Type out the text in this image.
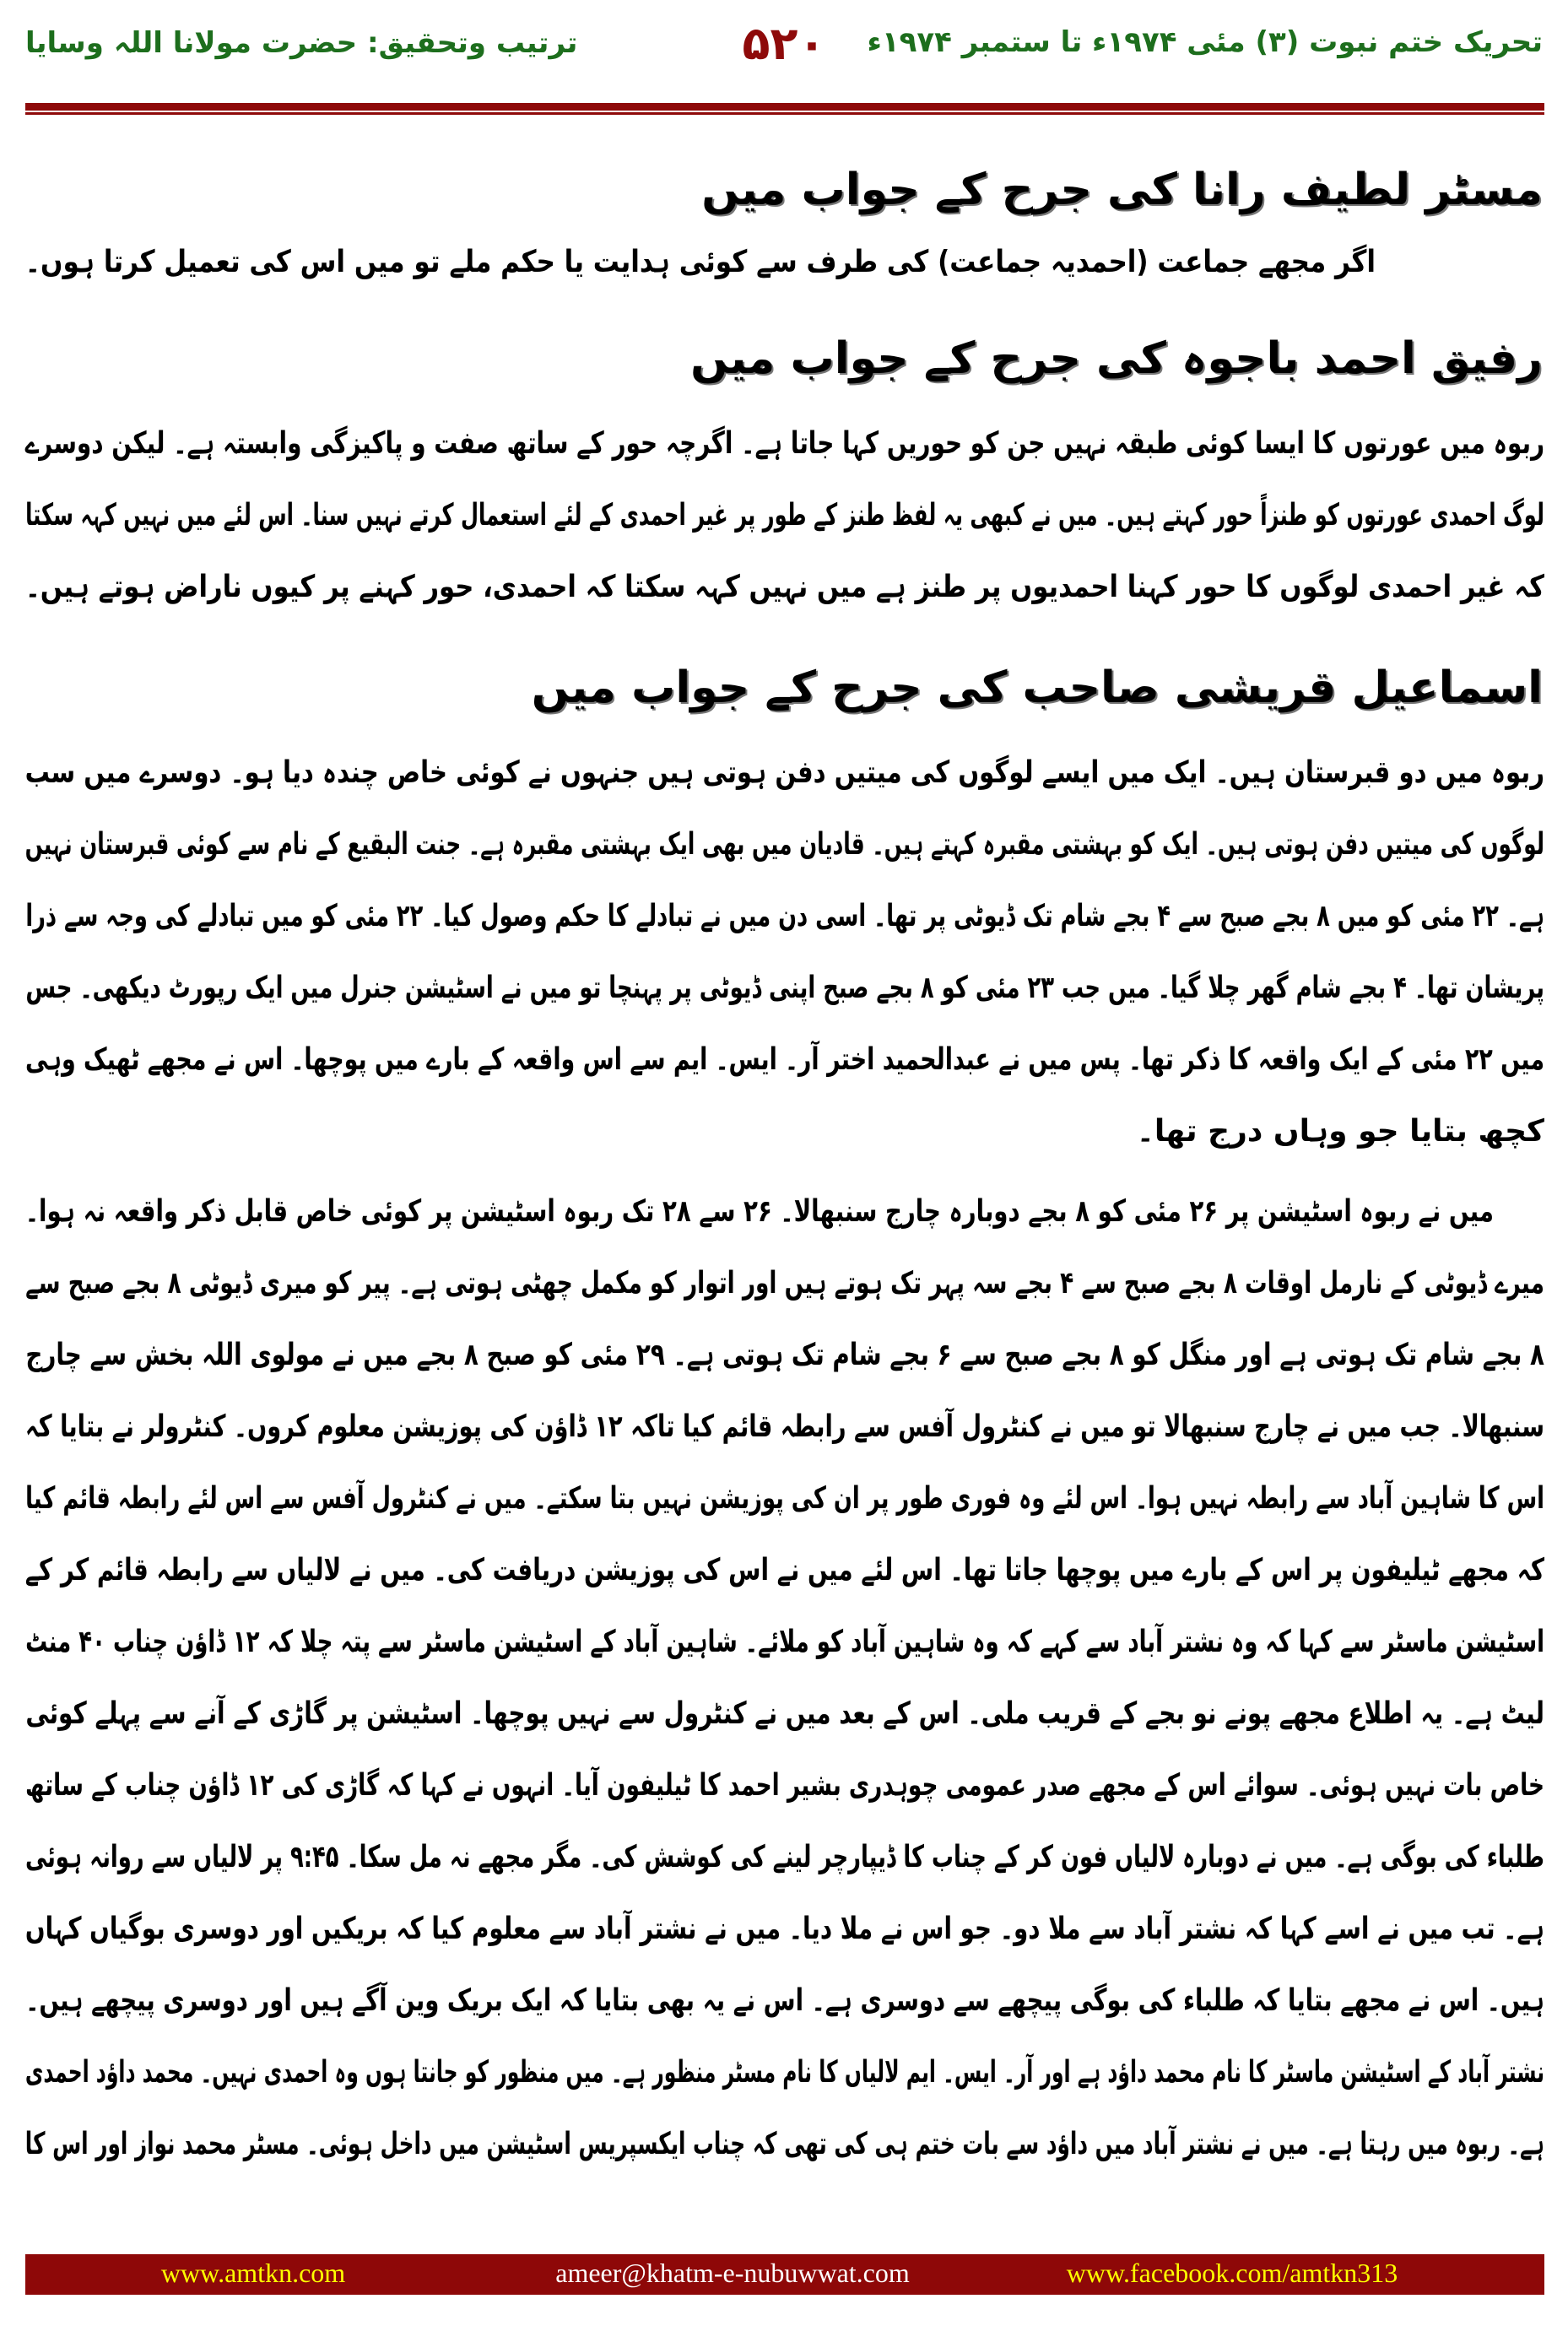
تحریک ختم نبوت (۳) مئی ۱۹۷۴ء تا ستمبر ۱۹۷۴ء
۵۲۰
ترتیب وتحقیق: حضرت مولانا اللہ وسایا
مسٹر لطیف رانا کی جرح کے جواب میں
اگر مجھے جماعت (احمدیہ جماعت) کی طرف سے کوئی ہدایت یا حکم ملے تو میں اس کی تعمیل کرتا ہوں۔
رفیق احمد باجوہ کی جرح کے جواب میں
ربوہ میں عورتوں کا ایسا کوئی طبقہ نہیں جن کو حوریں کہا جاتا ہے۔ اگرچہ حور کے ساتھ صفت و پاکیزگی وابستہ ہے۔ لیکن دوسرے
لوگ احمدی عورتوں کو طنزاً حور کہتے ہیں۔ میں نے کبھی یہ لفظ طنز کے طور پر غیر احمدی کے لئے استعمال کرتے نہیں سنا۔ اس لئے میں نہیں کہہ سکتا
کہ غیر احمدی لوگوں کا حور کہنا احمدیوں پر طنز ہے میں نہیں کہہ سکتا کہ احمدی، حور کہنے پر کیوں ناراض ہوتے ہیں۔
اسماعیل قریشی صاحب کی جرح کے جواب میں
ربوہ میں دو قبرستان ہیں۔ ایک میں ایسے لوگوں کی میتیں دفن ہوتی ہیں جنہوں نے کوئی خاص چندہ دیا ہو۔ دوسرے میں سب
لوگوں کی میتیں دفن ہوتی ہیں۔ ایک کو بہشتی مقبرہ کہتے ہیں۔ قادیان میں بھی ایک بہشتی مقبرہ ہے۔ جنت البقیع کے نام سے کوئی قبرستان نہیں
ہے۔ ۲۲ مئی کو میں ۸ بجے صبح سے ۴ بجے شام تک ڈیوٹی پر تھا۔ اسی دن میں نے تبادلے کا حکم وصول کیا۔ ۲۲ مئی کو میں تبادلے کی وجہ سے ذرا
پریشان تھا۔ ۴ بجے شام گھر چلا گیا۔ میں جب ۲۳ مئی کو ۸ بجے صبح اپنی ڈیوٹی پر پہنچا تو میں نے اسٹیشن جنرل میں ایک رپورٹ دیکھی۔ جس
میں ۲۲ مئی کے ایک واقعہ کا ذکر تھا۔ پس میں نے عبدالحمید اختر آر۔ ایس۔ ایم سے اس واقعہ کے بارے میں پوچھا۔ اس نے مجھے ٹھیک وہی
کچھ بتایا جو وہاں درج تھا۔
میں نے ربوہ اسٹیشن پر ۲۶ مئی کو ۸ بجے دوبارہ چارج سنبھالا۔ ۲۶ سے ۲۸ تک ربوہ اسٹیشن پر کوئی خاص قابل ذکر واقعہ نہ ہوا۔
میرے ڈیوٹی کے نارمل اوقات ۸ بجے صبح سے ۴ بجے سہ پہر تک ہوتے ہیں اور اتوار کو مکمل چھٹی ہوتی ہے۔ پیر کو میری ڈیوٹی ۸ بجے صبح سے
۸ بجے شام تک ہوتی ہے اور منگل کو ۸ بجے صبح سے ۶ بجے شام تک ہوتی ہے۔ ۲۹ مئی کو صبح ۸ بجے میں نے مولوی اللہ بخش سے چارج
سنبھالا۔ جب میں نے چارج سنبھالا تو میں نے کنٹرول آفس سے رابطہ قائم کیا تاکہ ۱۲ ڈاؤن کی پوزیشن معلوم کروں۔ کنٹرولر نے بتایا کہ
اس کا شاہین آباد سے رابطہ نہیں ہوا۔ اس لئے وہ فوری طور پر ان کی پوزیشن نہیں بتا سکتے۔ میں نے کنٹرول آفس سے اس لئے رابطہ قائم کیا
کہ مجھے ٹیلیفون پر اس کے بارے میں پوچھا جاتا تھا۔ اس لئے میں نے اس کی پوزیشن دریافت کی۔ میں نے لالیاں سے رابطہ قائم کر کے
اسٹیشن ماسٹر سے کہا کہ وہ نشتر آباد سے کہے کہ وہ شاہین آباد کو ملائے۔ شاہین آباد کے اسٹیشن ماسٹر سے پتہ چلا کہ ۱۲ ڈاؤن چناب ۴۰ منٹ
لیٹ ہے۔ یہ اطلاع مجھے پونے نو بجے کے قریب ملی۔ اس کے بعد میں نے کنٹرول سے نہیں پوچھا۔ اسٹیشن پر گاڑی کے آنے سے پہلے کوئی
خاص بات نہیں ہوئی۔ سوائے اس کے مجھے صدر عمومی چوہدری بشیر احمد کا ٹیلیفون آیا۔ انہوں نے کہا کہ گاڑی کی ۱۲ ڈاؤن چناب کے ساتھ
طلباء کی بوگی ہے۔ میں نے دوبارہ لالیاں فون کر کے چناب کا ڈیپارچر لینے کی کوشش کی۔ مگر مجھے نہ مل سکا۔ ۹:۴۵ پر لالیاں سے روانہ ہوئی
ہے۔ تب میں نے اسے کہا کہ نشتر آباد سے ملا دو۔ جو اس نے ملا دیا۔ میں نے نشتر آباد سے معلوم کیا کہ بریکیں اور دوسری بوگیاں کہاں
ہیں۔ اس نے مجھے بتایا کہ طلباء کی بوگی پیچھے سے دوسری ہے۔ اس نے یہ بھی بتایا کہ ایک بریک وین آگے ہیں اور دوسری پیچھے ہیں۔
نشتر آباد کے اسٹیشن ماسٹر کا نام محمد داؤد ہے اور آر۔ ایس۔ ایم لالیاں کا نام مسٹر منظور ہے۔ میں منظور کو جانتا ہوں وہ احمدی نہیں۔ محمد داؤد احمدی
ہے۔ ربوہ میں رہتا ہے۔ میں نے نشتر آباد میں داؤد سے بات ختم ہی کی تھی کہ چناب ایکسپریس اسٹیشن میں داخل ہوئی۔ مسٹر محمد نواز اور اس کا
www.amtkn.com	ameer@khatm-e-nubuwwat.com	www.facebook.com/amtkn313
